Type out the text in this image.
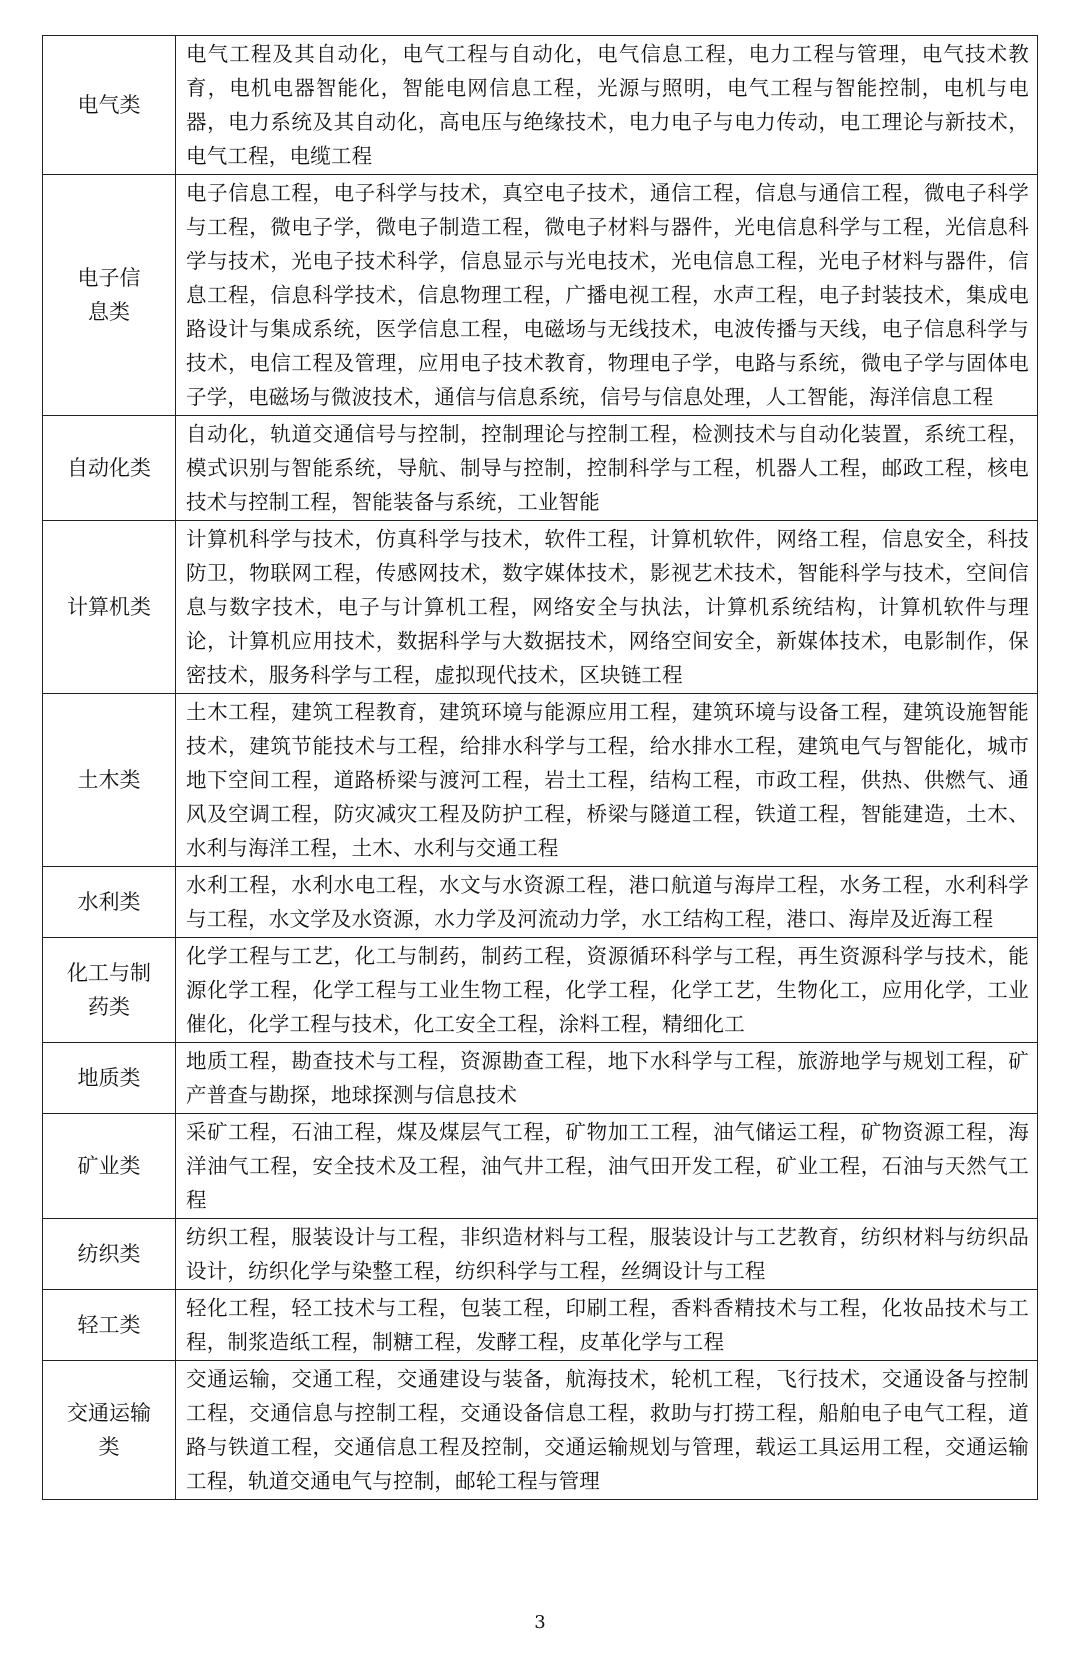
电气类	电气工程及其自动化，电气工程与自动化，电气信息工程，电力工程与管理，电气技术教育，电机电器智能化，智能电网信息工程，光源与照明，电气工程与智能控制，电机与电器，电力系统及其自动化，高电压与绝缘技术，电力电子与电力传动，电工理论与新技术，电气工程，电缆工程
电子信息类	电子信息工程，电子科学与技术，真空电子技术，通信工程，信息与通信工程，微电子科学与工程，微电子学，微电子制造工程，微电子材料与器件，光电信息科学与工程，光信息科学与技术，光电子技术科学，信息显示与光电技术，光电信息工程，光电子材料与器件，信息工程，信息科学技术，信息物理工程，广播电视工程，水声工程，电子封装技术，集成电路设计与集成系统，医学信息工程，电磁场与无线技术，电波传播与天线，电子信息科学与技术，电信工程及管理，应用电子技术教育，物理电子学，电路与系统，微电子学与固体电子学，电磁场与微波技术，通信与信息系统，信号与信息处理，人工智能，海洋信息工程
自动化类	自动化，轨道交通信号与控制，控制理论与控制工程，检测技术与自动化装置，系统工程，模式识别与智能系统，导航、制导与控制，控制科学与工程，机器人工程，邮政工程，核电技术与控制工程，智能装备与系统，工业智能
计算机类	计算机科学与技术，仿真科学与技术，软件工程，计算机软件，网络工程，信息安全，科技防卫，物联网工程，传感网技术，数字媒体技术，影视艺术技术，智能科学与技术，空间信息与数字技术，电子与计算机工程，网络安全与执法，计算机系统结构，计算机软件与理论，计算机应用技术，数据科学与大数据技术，网络空间安全，新媒体技术，电影制作，保密技术，服务科学与工程，虚拟现代技术，区块链工程
土木类	土木工程，建筑工程教育，建筑环境与能源应用工程，建筑环境与设备工程，建筑设施智能技术，建筑节能技术与工程，给排水科学与工程，给水排水工程，建筑电气与智能化，城市地下空间工程，道路桥梁与渡河工程，岩土工程，结构工程，市政工程，供热、供燃气、通风及空调工程，防灾减灾工程及防护工程，桥梁与隧道工程，铁道工程，智能建造，土木、水利与海洋工程，土木、水利与交通工程
水利类	水利工程，水利水电工程，水文与水资源工程，港口航道与海岸工程，水务工程，水利科学与工程，水文学及水资源，水力学及河流动力学，水工结构工程，港口、海岸及近海工程
化工与制药类	化学工程与工艺，化工与制药，制药工程，资源循环科学与工程，再生资源科学与技术，能源化学工程，化学工程与工业生物工程，化学工程，化学工艺，生物化工，应用化学，工业催化，化学工程与技术，化工安全工程，涂料工程，精细化工
地质类	地质工程，勘查技术与工程，资源勘查工程，地下水科学与工程，旅游地学与规划工程，矿产普查与勘探，地球探测与信息技术
矿业类	采矿工程，石油工程，煤及煤层气工程，矿物加工工程，油气储运工程，矿物资源工程，海洋油气工程，安全技术及工程，油气井工程，油气田开发工程，矿业工程，石油与天然气工程
纺织类	纺织工程，服装设计与工程，非织造材料与工程，服装设计与工艺教育，纺织材料与纺织品设计，纺织化学与染整工程，纺织科学与工程，丝绸设计与工程
轻工类	轻化工程，轻工技术与工程，包装工程，印刷工程，香料香精技术与工程，化妆品技术与工程，制浆造纸工程，制糖工程，发酵工程，皮革化学与工程
交通运输类	交通运输，交通工程，交通建设与装备，航海技术，轮机工程，飞行技术，交通设备与控制工程，交通信息与控制工程，交通设备信息工程，救助与打捞工程，船舶电子电气工程，道路与铁道工程，交通信息工程及控制，交通运输规划与管理，载运工具运用工程，交通运输工程，轨道交通电气与控制，邮轮工程与管理
3
